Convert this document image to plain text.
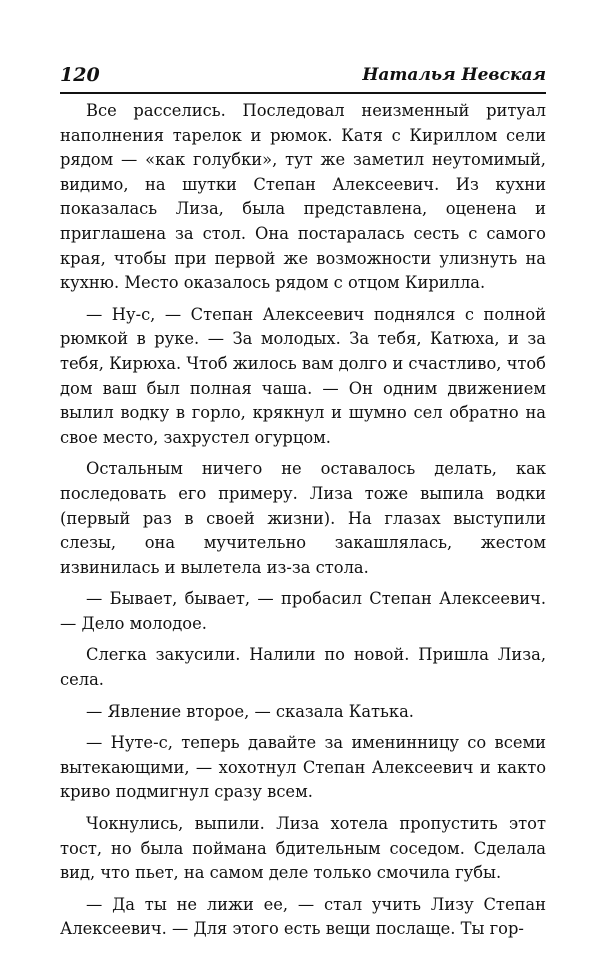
120	Наталья Невская

Все расселись. Последовал неизменный ритуал наполнения тарелок и рюмок. Катя с Кириллом сели рядом — «как голубки», тут же заметил неутомимый, видимо, на шутки Степан Алексеевич. Из кухни показалась Лиза, была представлена, оценена и приглашена за стол. Она постаралась сесть с самого края, чтобы при первой же возможности улизнуть на кухню. Место оказалось рядом с отцом Кирилла.

— Ну-с, — Степан Алексеевич поднялся с полной рюмкой в руке. — За молодых. За тебя, Катюха, и за тебя, Кирюха. Чтоб жилось вам долго и счастливо, чтоб дом ваш был полная чаша. — Он одним движением вылил водку в горло, крякнул и шумно сел обратно на свое место, захрустел огурцом.

Остальным ничего не оставалось делать, как последовать его примеру. Лиза тоже выпила водки (первый раз в своей жизни). На глазах выступили слезы, она мучительно закашлялась, жестом извинилась и вылетела из-за стола.

— Бывает, бывает, — пробасил Степан Алексеевич. — Дело молодое.

Слегка закусили. Налили по новой. Пришла Лиза, села.

— Явление второе, — сказала Катька.

— Нуте-с, теперь давайте за именинницу со всеми вытекающими, — хохотнул Степан Алексеевич и както криво подмигнул сразу всем.

Чокнулись, выпили. Лиза хотела пропустить этот тост, но была поймана бдительным соседом. Сделала вид, что пьет, на самом деле только смочила губы.

— Да ты не лижи ее, — стал учить Лизу Степан Алексеевич. — Для этого есть вещи послаще. Ты гор-
